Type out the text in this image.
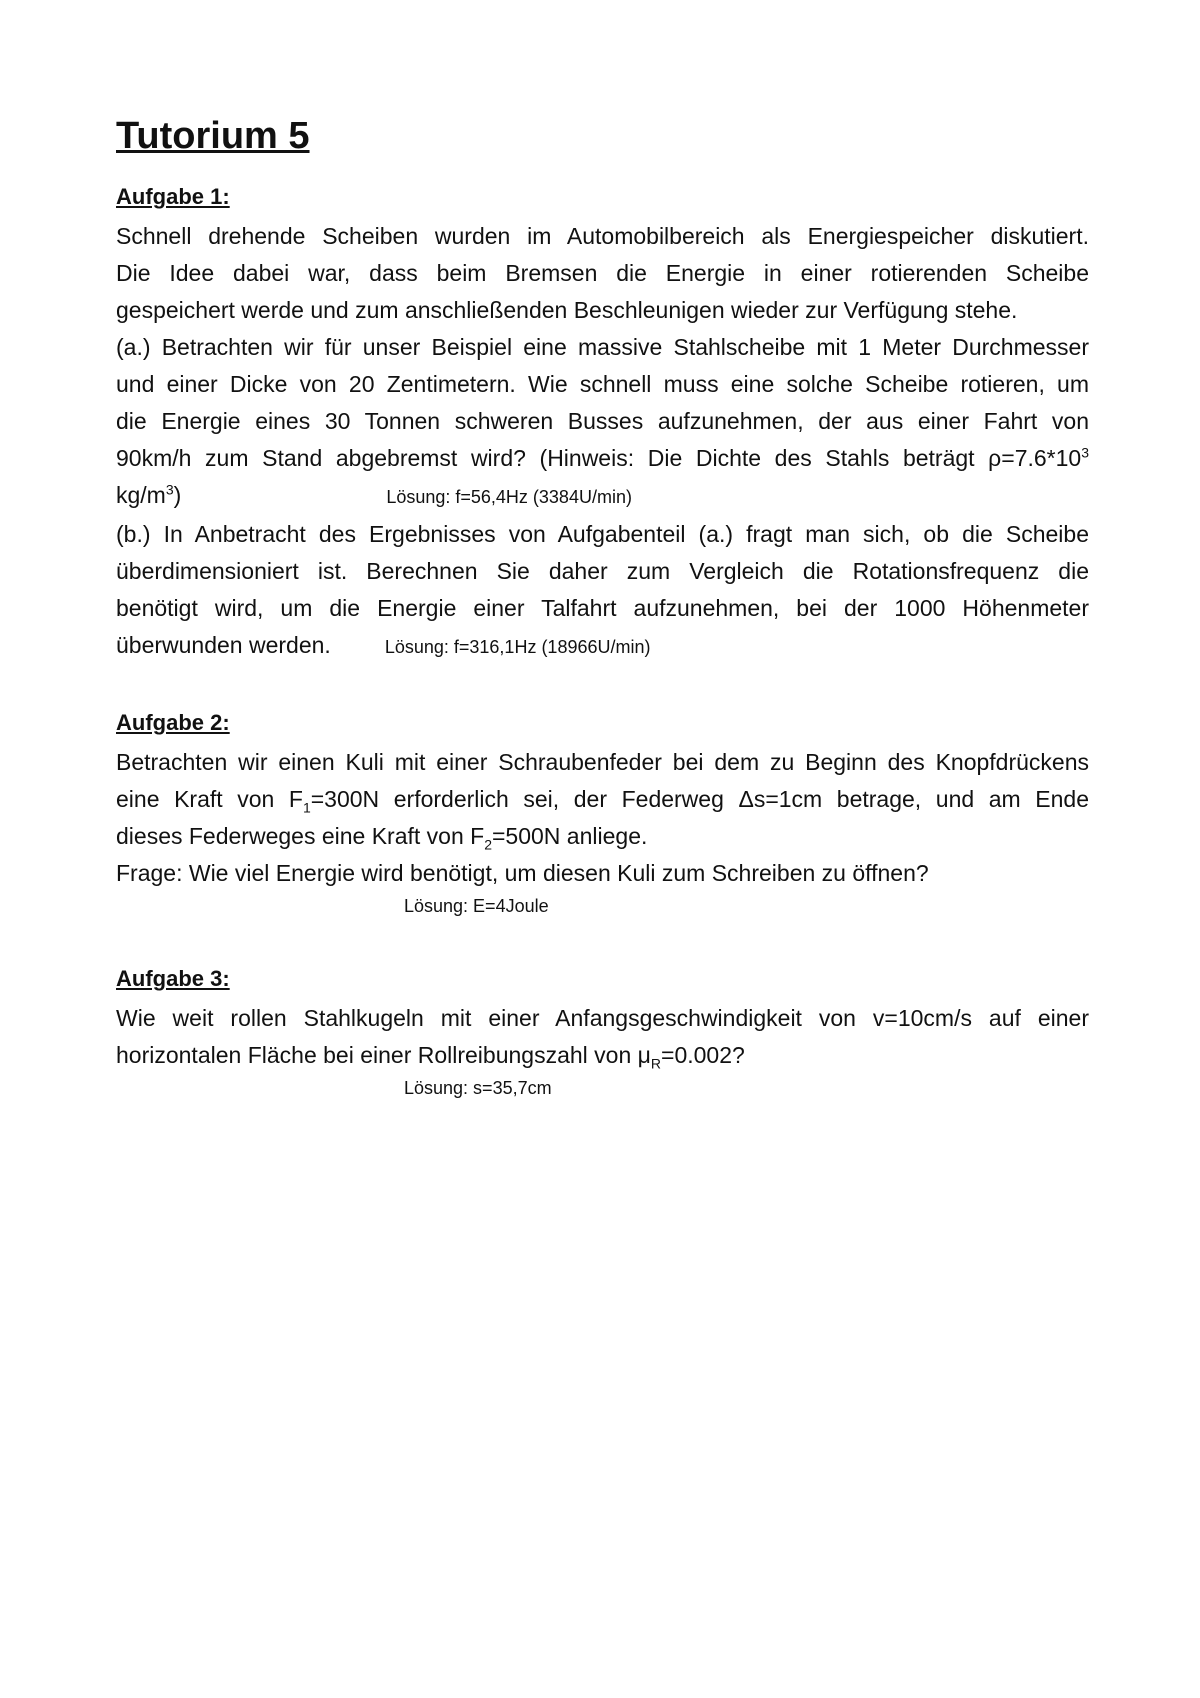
Tutorium 5
Aufgabe 1:
Schnell drehende Scheiben wurden im Automobilbereich als Energiespeicher diskutiert.
Die Idee dabei war, dass beim Bremsen die Energie in einer rotierenden Scheibe
gespeichert werde und zum anschließenden Beschleunigen wieder zur Verfügung stehe.
(a.) Betrachten wir für unser Beispiel eine massive Stahlscheibe mit 1 Meter Durchmesser
und einer Dicke von 20 Zentimetern. Wie schnell muss eine solche Scheibe rotieren, um
die Energie eines 30 Tonnen schweren Busses aufzunehmen, der aus einer Fahrt von
90km/h zum Stand abgebremst wird? (Hinweis: Die Dichte des Stahls beträgt $\rho=7.6*10^3$
$kg/m^3$)	Lösung: f=56,4Hz (3384U/min)
(b.) In Anbetracht des Ergebnisses von Aufgabenteil (a.) fragt man sich, ob die Scheibe
überdimensioniert ist. Berechnen Sie daher zum Vergleich die Rotationsfrequenz die
benötigt wird, um die Energie einer Talfahrt aufzunehmen, bei der 1000 Höhenmeter
überwunden werden.	Lösung: f=316,1Hz (18966U/min)
Aufgabe 2:
Betrachten wir einen Kuli mit einer Schraubenfeder bei dem zu Beginn des Knopfdrückens
eine Kraft von $F_1=300N$ erforderlich sei, der Federweg Δs=1cm betrage, und am Ende
dieses Federweges eine Kraft von $F_2=500N$ anliege.
Frage: Wie viel Energie wird benötigt, um diesen Kuli zum Schreiben zu öffnen?
Lösung: E=4Joule
Aufgabe 3:
Wie weit rollen Stahlkugeln mit einer Anfangsgeschwindigkeit von v=10cm/s auf einer
horizontalen Fläche bei einer Rollreibungszahl von $\mu_R=0.002$?
Lösung: s=35,7cm
